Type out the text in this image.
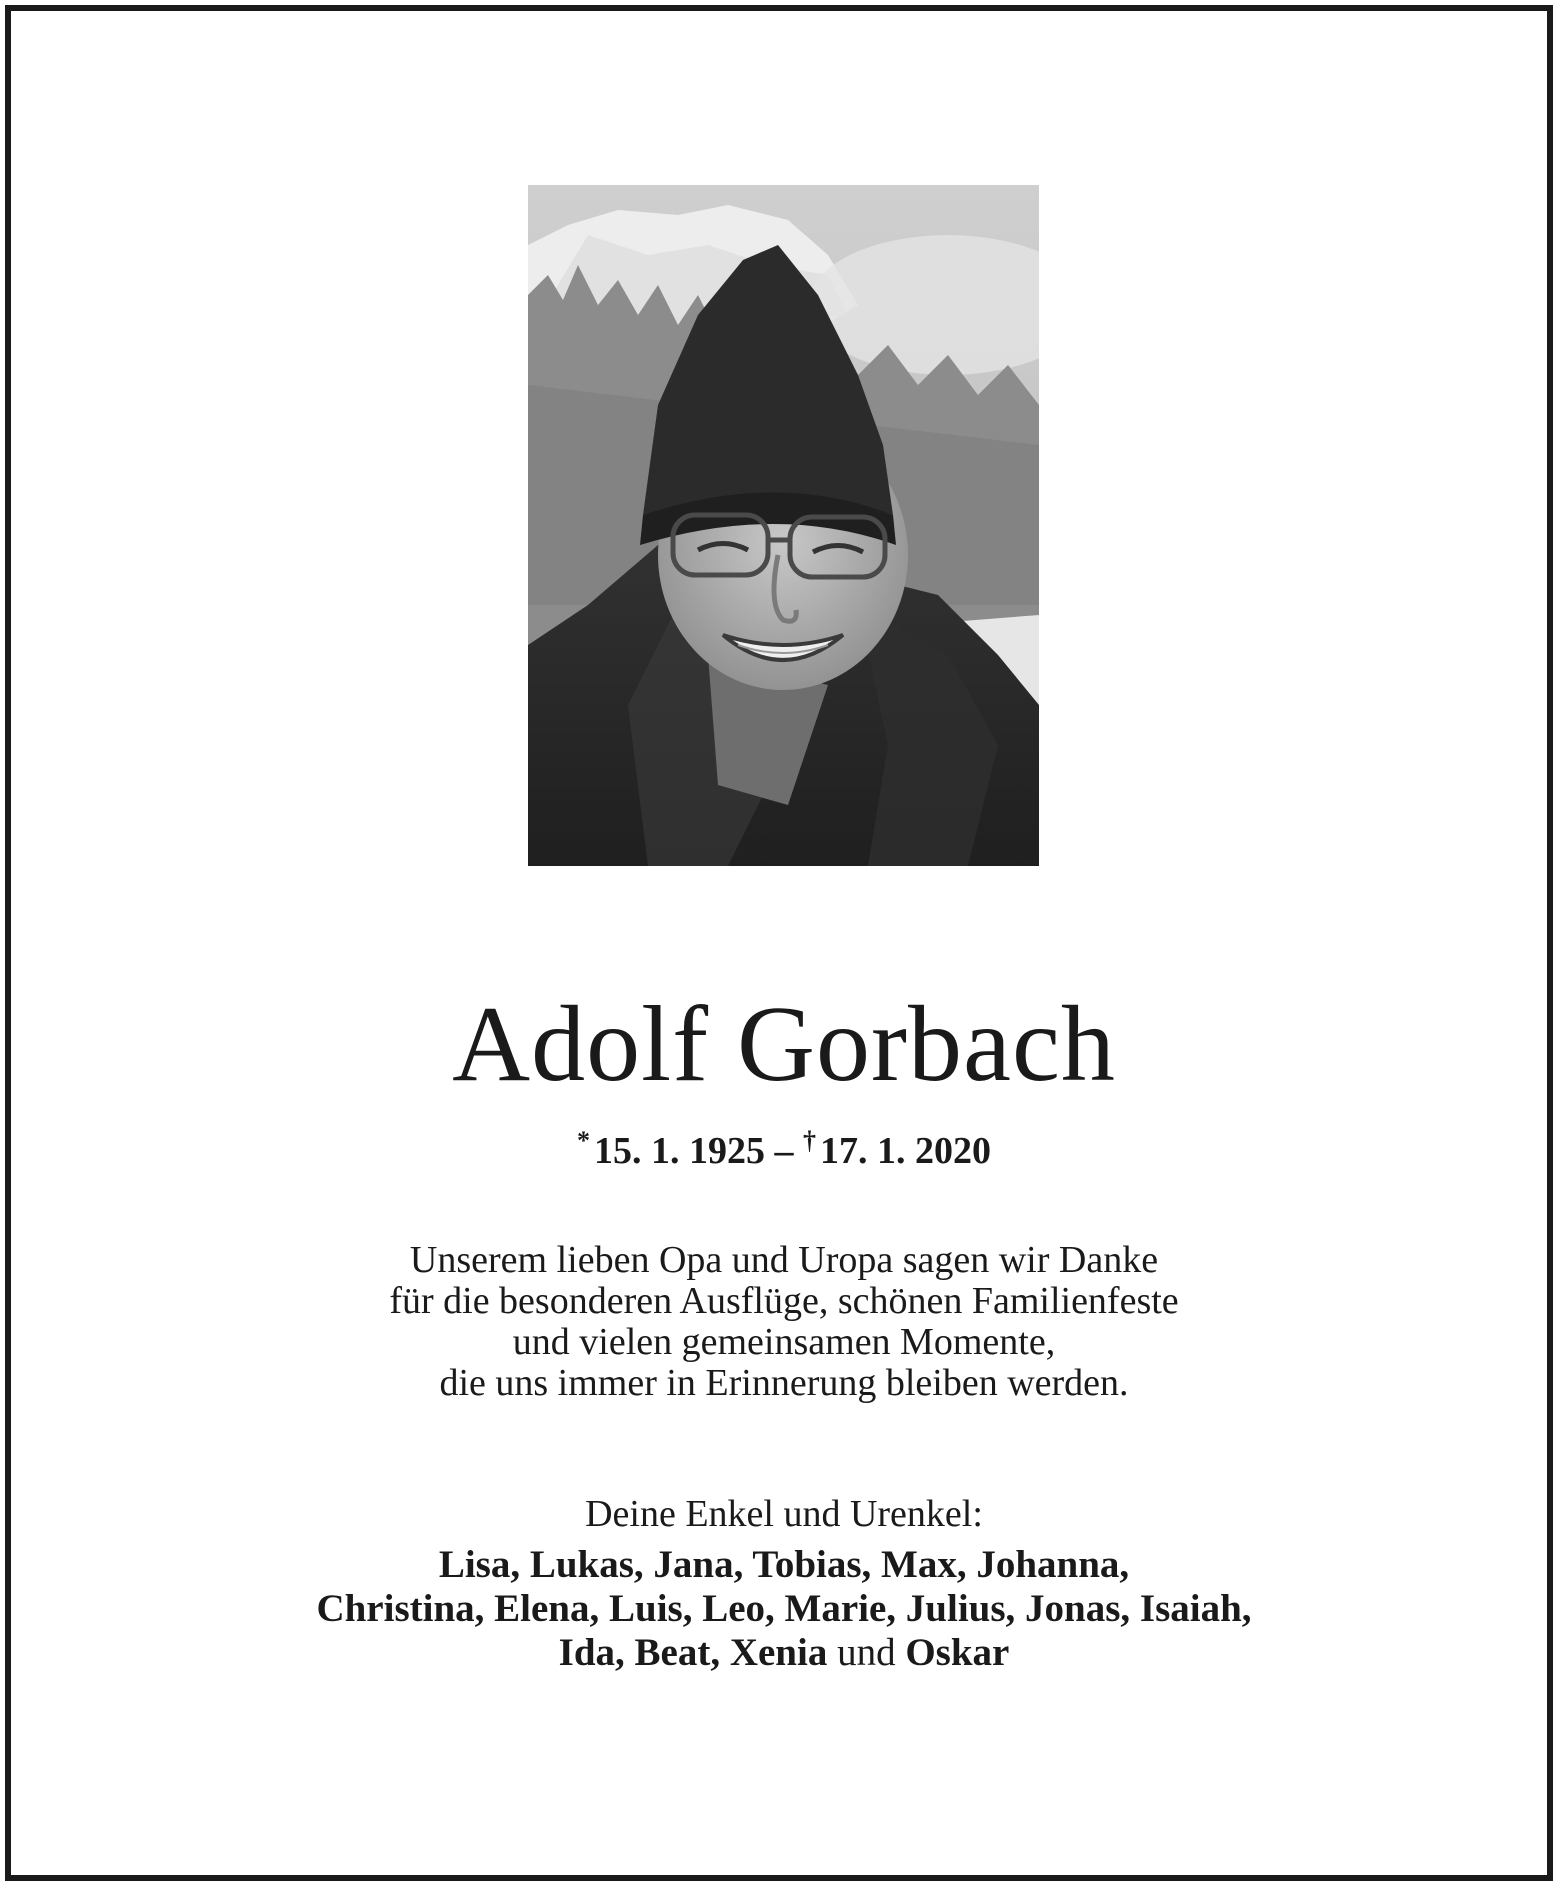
Adolf Gorbach
* 15. 1. 1925 – † 17. 1. 2020
Unserem lieben Opa und Uropa sagen wir Danke
für die besonderen Ausflüge, schönen Familienfeste
und vielen gemeinsamen Momente,
die uns immer in Erinnerung bleiben werden.
Deine Enkel und Urenkel:
Lisa, Lukas, Jana, Tobias, Max, Johanna,
Christina, Elena, Luis, Leo, Marie, Julius, Jonas, Isaiah,
Ida, Beat, Xenia und Oskar
